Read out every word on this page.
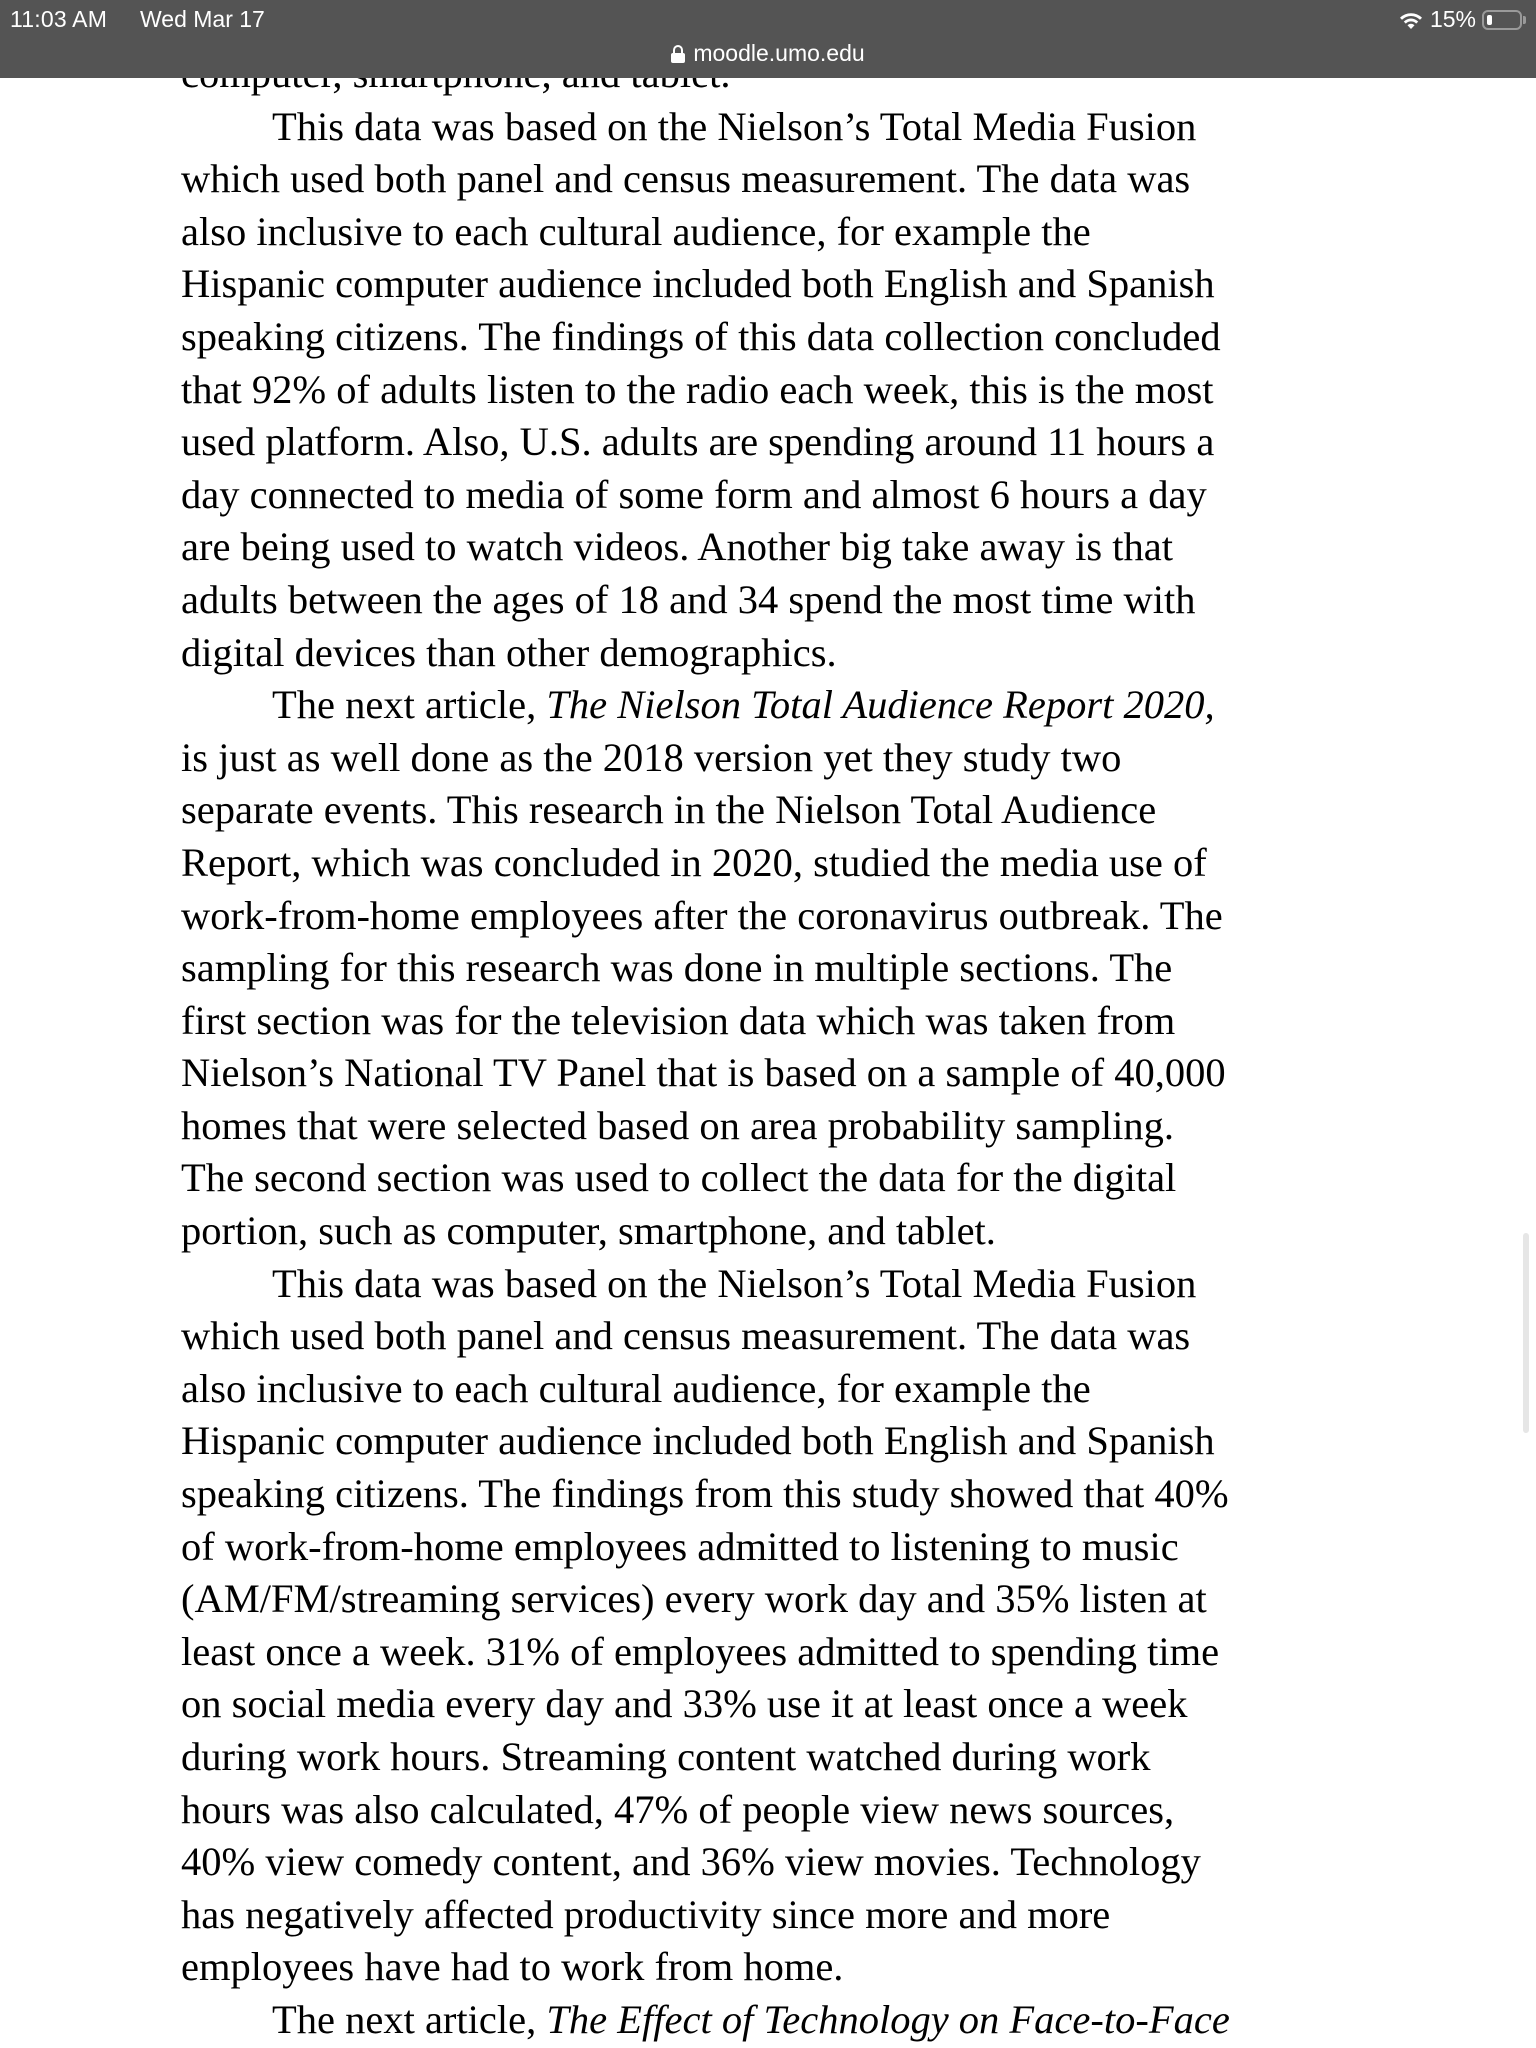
11:03 AM Wed Mar 17	15%
moodle.umo.edu
This data was based on the Nielson’s Total Media Fusion
which used both panel and census measurement. The data was
also inclusive to each cultural audience, for example the
Hispanic computer audience included both English and Spanish
speaking citizens. The findings of this data collection concluded
that 92% of adults listen to the radio each week, this is the most
used platform. Also, U.S. adults are spending around 11 hours a
day connected to media of some form and almost 6 hours a day
are being used to watch videos. Another big take away is that
adults between the ages of 18 and 34 spend the most time with
digital devices than other demographics.
The next article, The Nielson Total Audience Report 2020,
is just as well done as the 2018 version yet they study two
separate events. This research in the Nielson Total Audience
Report, which was concluded in 2020, studied the media use of
work-from-home employees after the coronavirus outbreak. The
sampling for this research was done in multiple sections. The
first section was for the television data which was taken from
Nielson’s National TV Panel that is based on a sample of 40,000
homes that were selected based on area probability sampling.
The second section was used to collect the data for the digital
portion, such as computer, smartphone, and tablet.
This data was based on the Nielson’s Total Media Fusion
which used both panel and census measurement. The data was
also inclusive to each cultural audience, for example the
Hispanic computer audience included both English and Spanish
speaking citizens. The findings from this study showed that 40%
of work-from-home employees admitted to listening to music
(AM/FM/streaming services) every work day and 35% listen at
least once a week. 31% of employees admitted to spending time
on social media every day and 33% use it at least once a week
during work hours. Streaming content watched during work
hours was also calculated, 47% of people view news sources,
40% view comedy content, and 36% view movies. Technology
has negatively affected productivity since more and more
employees have had to work from home.
The next article, The Effect of Technology on Face-to-Face
